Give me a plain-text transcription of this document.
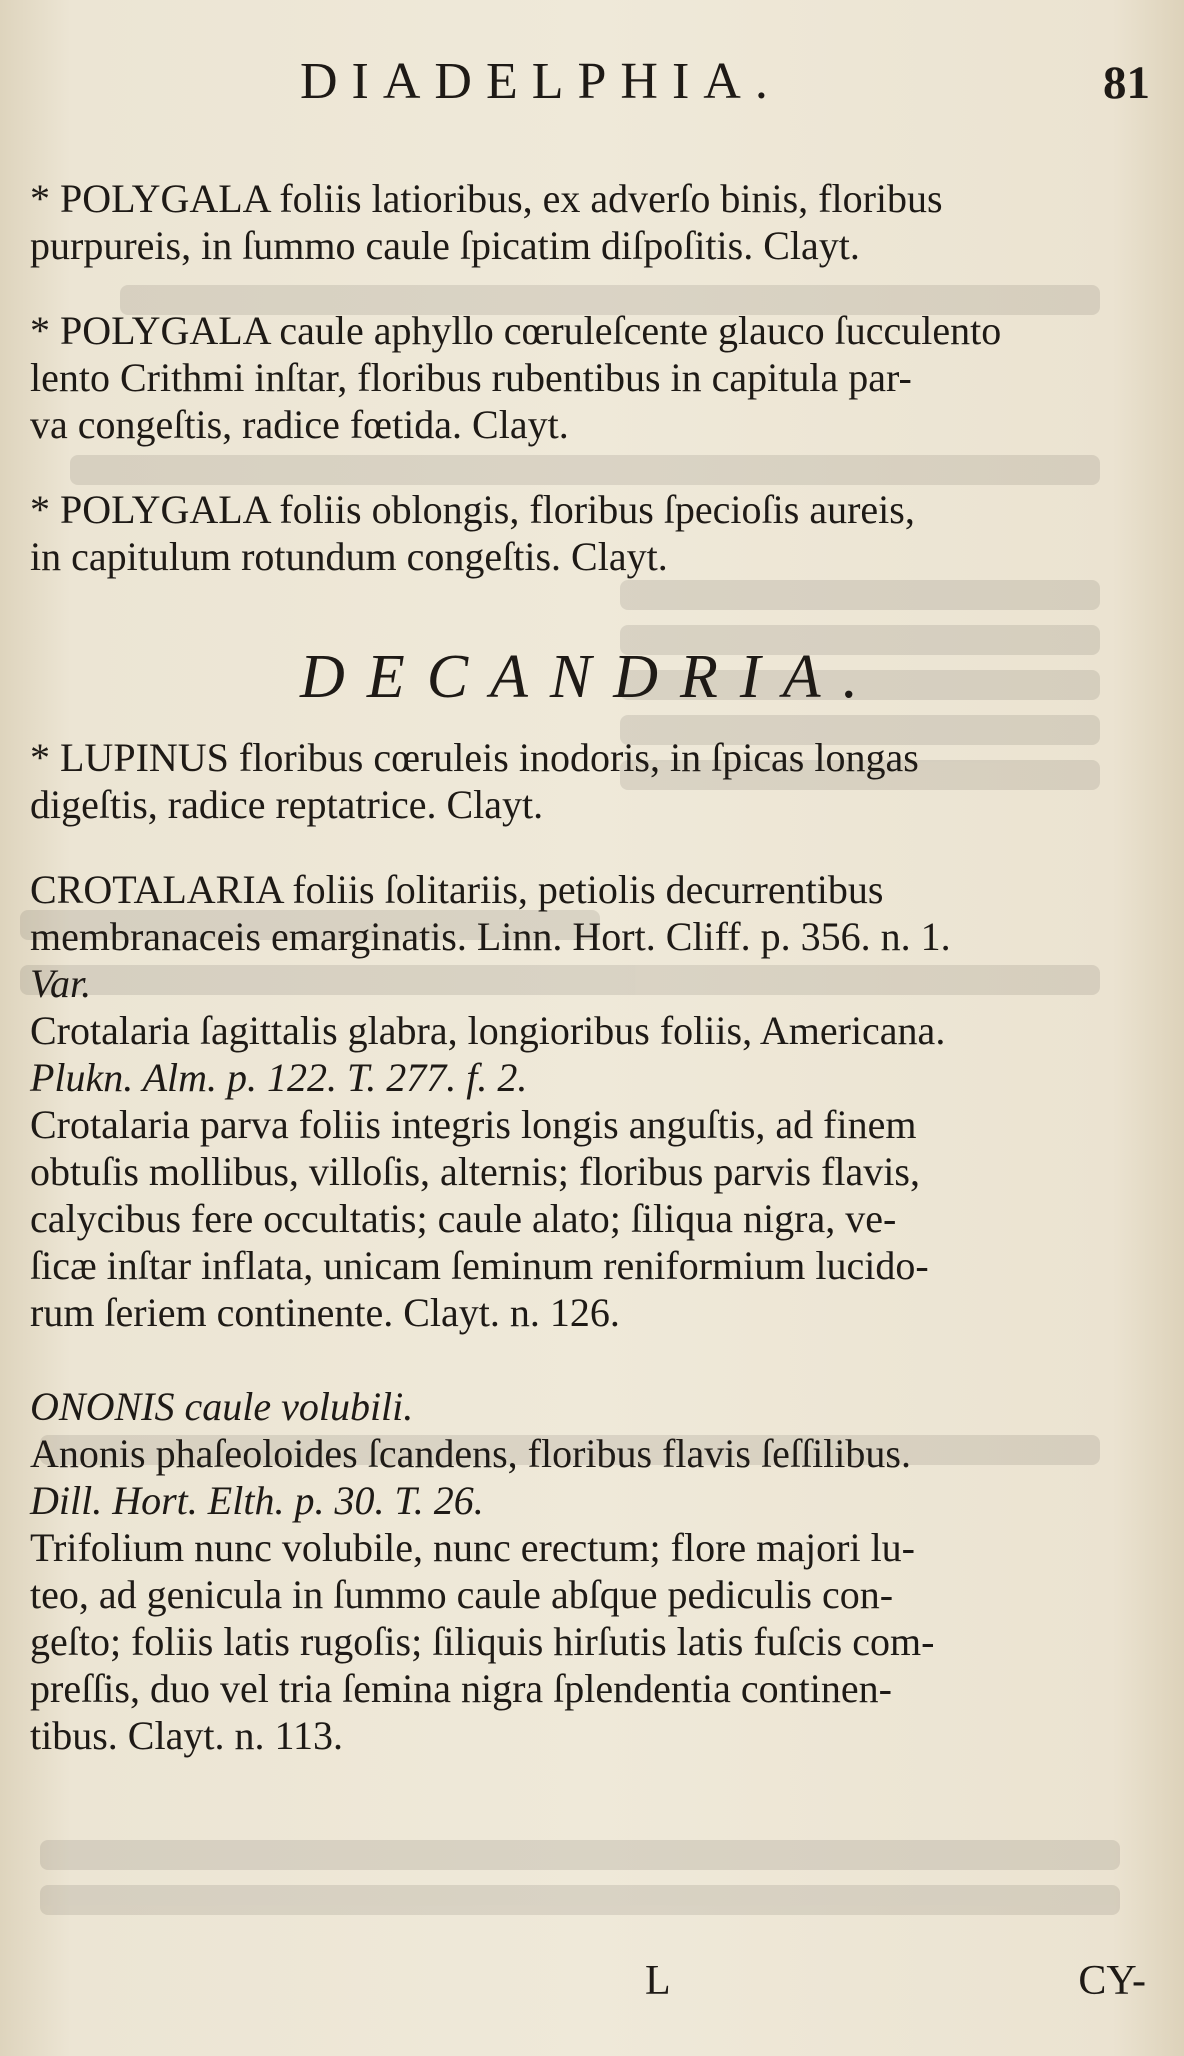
DIADELPHIA.	81
* POLYGALA foliis latioribus, ex adverſo binis, floribus
purpureis, in ſummo caule ſpicatim diſpoſitis. Clayt.
* POLYGALA caule aphyllo cœruleſcente glauco ſucculento
lento Crithmi inſtar, floribus rubentibus in capitula par-
va congeſtis, radice fœtida. Clayt.
* POLYGALA foliis oblongis, floribus ſpecioſis aureis,
in capitulum rotundum congeſtis. Clayt.
DECANDRIA.
* LUPINUS floribus cœruleis inodoris, in ſpicas longas
digeſtis, radice reptatrice. Clayt.
CROTALARIA foliis ſolitariis, petiolis decurrentibus
membranaceis emarginatis. Linn. Hort. Cliff. p. 356. n. 1.
Var.
Crotalaria ſagittalis glabra, longioribus foliis, Americana.
Plukn. Alm. p. 122. T. 277. f. 2.
Crotalaria parva foliis integris longis anguſtis, ad finem
obtuſis mollibus, villoſis, alternis; floribus parvis flavis,
calycibus fere occultatis; caule alato; ſiliqua nigra, ve-
ſicæ inſtar inflata, unicam ſeminum reniformium lucido-
rum ſeriem continente. Clayt. n. 126.
ONONIS caule volubili.
Anonis phaſeoloides ſcandens, floribus flavis ſeſſilibus.
Dill. Hort. Elth. p. 30. T. 26.
Trifolium nunc volubile, nunc erectum; flore majori lu-
teo, ad genicula in ſummo caule abſque pediculis con-
geſto; foliis latis rugoſis; ſiliquis hirſutis latis fuſcis com-
preſſis, duo vel tria ſemina nigra ſplendentia continen-
tibus. Clayt. n. 113.
L	CY-
